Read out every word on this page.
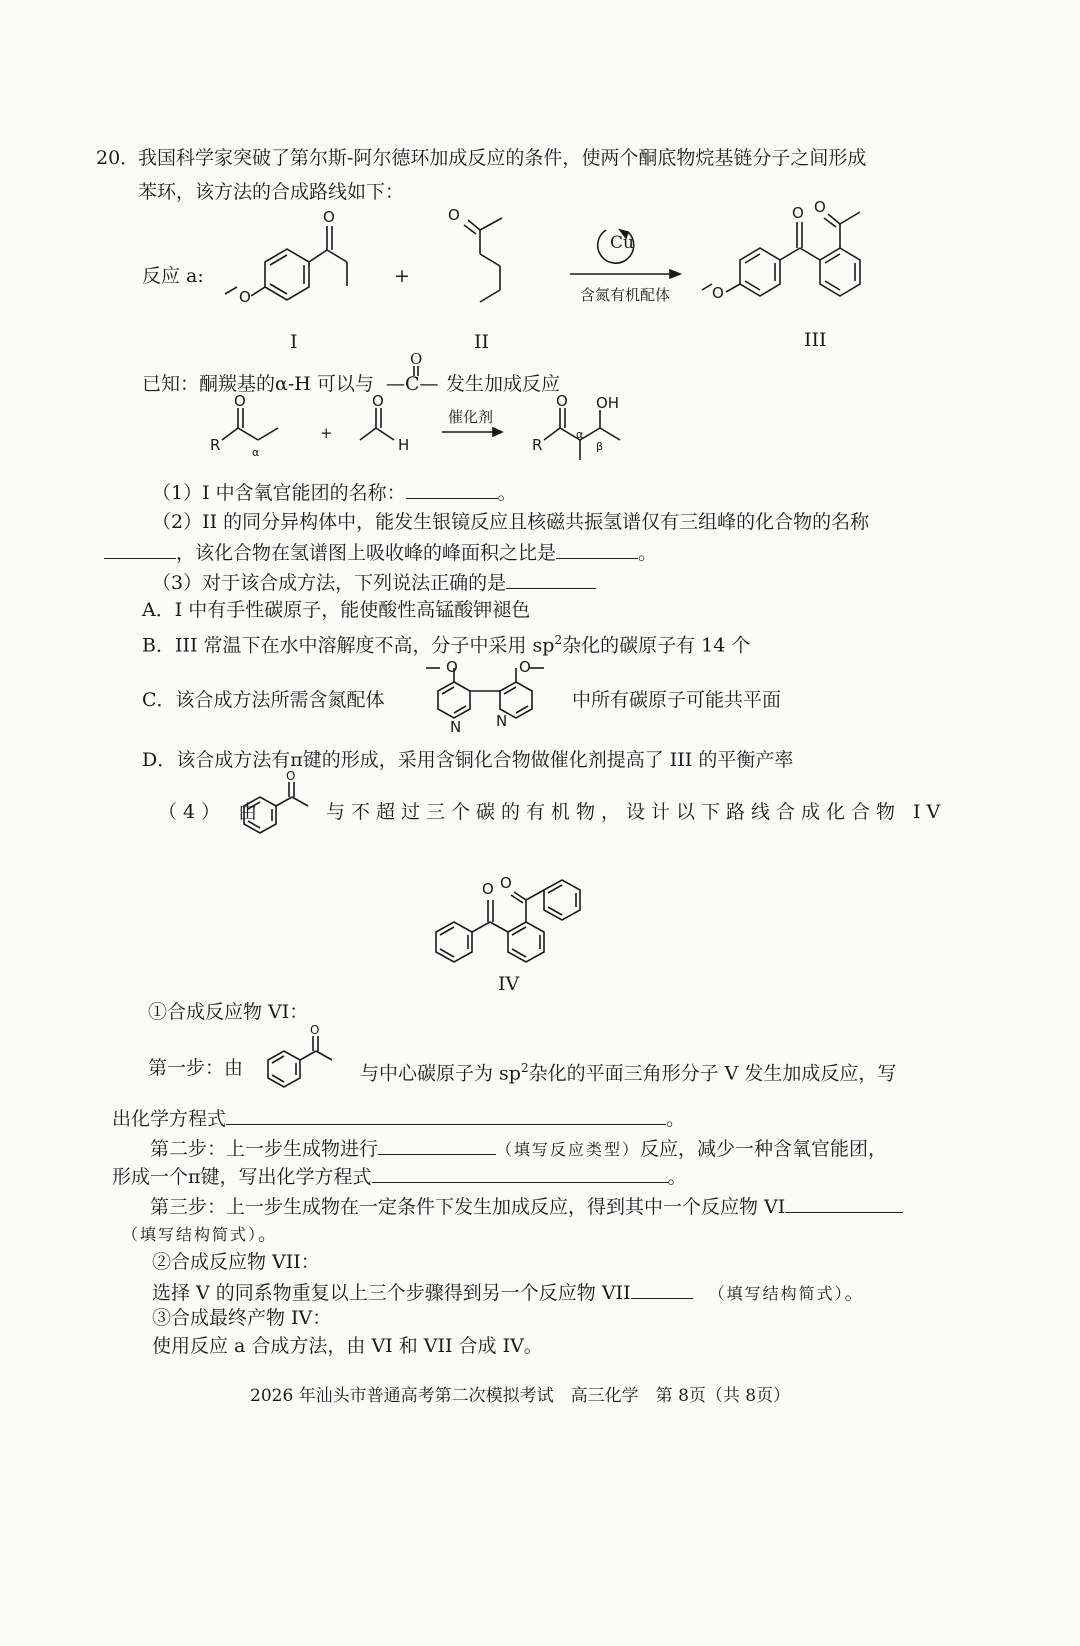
20．
我国科学家突破了第尔斯-阿尔德环加成反应的条件，使两个酮底物烷基链分子之间形成
苯环，该方法的合成路线如下：
反应 a:
O
O
+
O
Cu
含氮有机配体
O O
O
I	II	III
已知：酮羰基的α-H 可以与
O
—C— 发生加成反应
O
R	α
+
O
H
催化剂
O
R
α
β
OH
（1）I 中含氧官能团的名称：	。
（2）II 的同分异构体中，能发生银镜反应且核磁共振氢谱仅有三组峰的化合物的名称
，该化合物在氢谱图上吸收峰的峰面积之比是	。
（3）对于该合成方法，下列说法正确的是
A．I 中有手性碳原子，能使酸性高锰酸钾褪色
B．III 常温下在水中溶解度不高，分子中采用 $sp^2$杂化的碳原子有 14 个
C．该合成方法所需含氮配体
O
N N
O
中所有碳原子可能共平面
D．该合成方法有π键的形成，采用含铜化合物做催化剂提高了 III 的平衡产率
（4） 由
O
与不超过三个碳的有机物，设计以下路线合成化合物 IV
O O
IV
①合成反应物 VI：
第一步：由
O
与中心碳原子为 $sp^2$杂化的平面三角形分子 V 发生加成反应，写
出化学方程式	。
第二步：上一步生成物进行	（填写反应类型）反应，减少一种含氧官能团，
形成一个π键，写出化学方程式	。
第三步：上一步生成物在一定条件下发生加成反应，得到其中一个反应物 VI
（填写结构简式）。
②合成反应物 VII：
选择 V 的同系物重复以上三个步骤得到另一个反应物 VII	（填写结构简式）。
③合成最终产物 IV：
使用反应 a 合成方法，由 VI 和 VII 合成 IV。
2026 年汕头市普通高考第二次模拟考试　高三化学　第 8页（共 8页）
